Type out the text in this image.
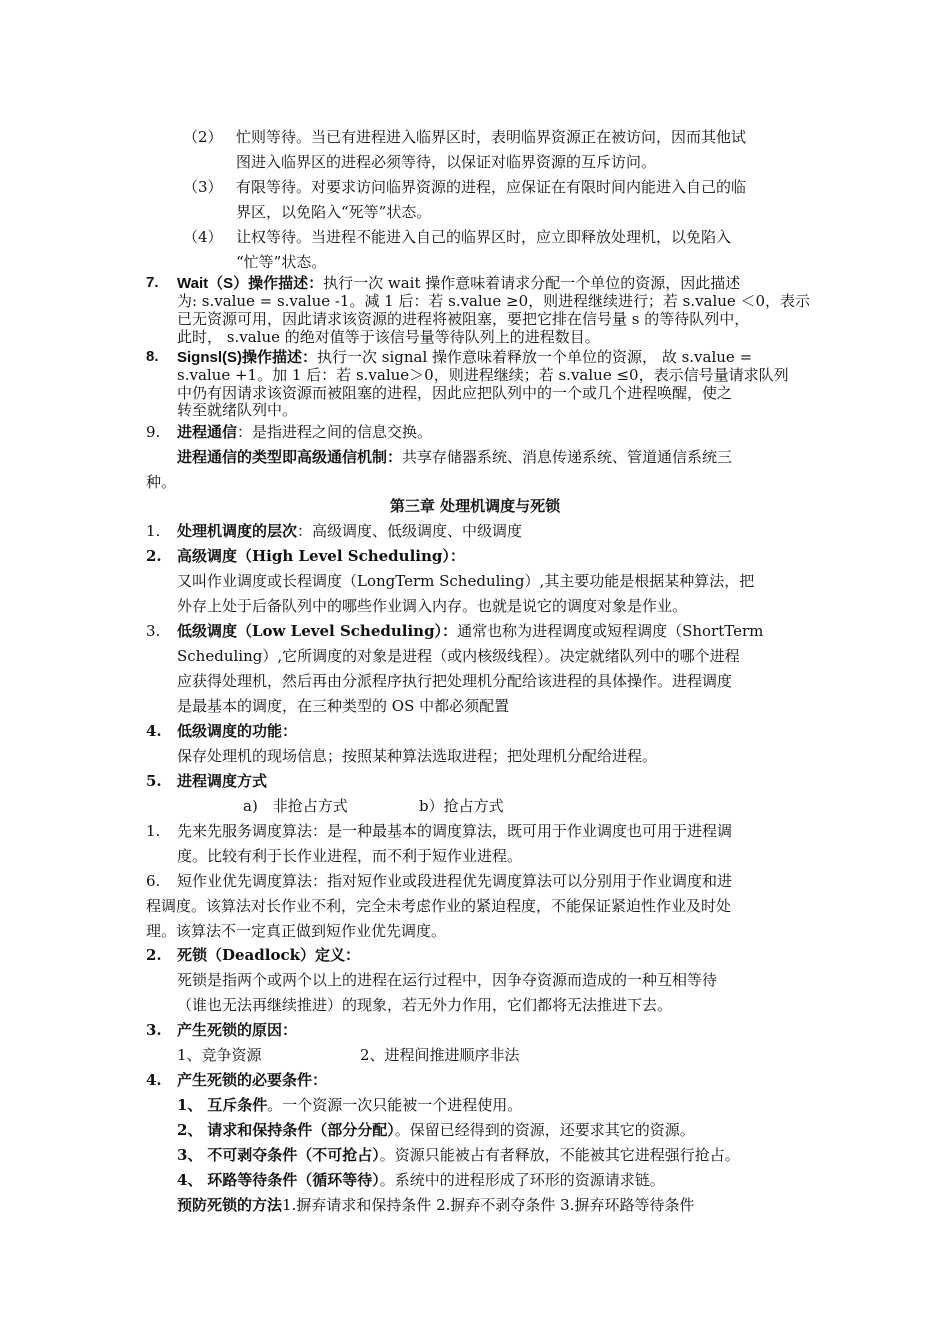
（2） 忙则等待。当已有进程进入临界区时，表明临界资源正在被访问，因而其他试
图进入临界区的进程必须等待，以保证对临界资源的互斥访问。
（3） 有限等待。对要求访问临界资源的进程，应保证在有限时间内能进入自己的临
界区，以免陷入“死等”状态。
（4） 让权等待。当进程不能进入自己的临界区时，应立即释放处理机，以免陷入
“忙等”状态。
7. Wait（S）操作描述：执行一次 wait 操作意味着请求分配一个单位的资源，因此描述
为: s.value = s.value -1。减 1 后：若 s.value ≥0，则进程继续进行；若 s.value ＜0，表示
已无资源可用，因此请求该资源的进程将被阻塞，要把它排在信号量 s 的等待队列中，
此时， s.value 的绝对值等于该信号量等待队列上的进程数目。
8. Signsl(S)操作描述：执行一次 signal 操作意味着释放一个单位的资源， 故 s.value =
s.value +1。加 1 后：若 s.value＞0，则进程继续；若 s.value ≤0，表示信号量请求队列
中仍有因请求该资源而被阻塞的进程，因此应把队列中的一个或几个进程唤醒，使之
转至就绪队列中。
9. 进程通信：是指进程之间的信息交换。
进程通信的类型即高级通信机制：共享存储器系统、消息传递系统、管道通信系统三
种。
第三章 处理机调度与死锁
1. 处理机调度的层次：高级调度、低级调度、中级调度
2. 高级调度（High Level Scheduling）：
又叫作业调度或长程调度（LongTerm Scheduling）,其主要功能是根据某种算法，把
外存上处于后备队列中的哪些作业调入内存。也就是说它的调度对象是作业。
3. 低级调度（Low Level Scheduling）：通常也称为进程调度或短程调度（ShortTerm
Scheduling）,它所调度的对象是进程（或内核级线程）。决定就绪队列中的哪个进程
应获得处理机，然后再由分派程序执行把处理机分配给该进程的具体操作。进程调度
是最基本的调度，在三种类型的 OS 中都必须配置
4. 低级调度的功能：
保存处理机的现场信息；按照某种算法选取进程；把处理机分配给进程。
5. 进程调度方式
a)　非抢占方式	b）抢占方式
1. 先来先服务调度算法：是一种最基本的调度算法，既可用于作业调度也可用于进程调
度。比较有利于长作业进程，而不利于短作业进程。
6. 短作业优先调度算法：指对短作业或段进程优先调度算法可以分别用于作业调度和进
程调度。该算法对长作业不利，完全未考虑作业的紧迫程度，不能保证紧迫性作业及时处
理。该算法不一定真正做到短作业优先调度。
2. 死锁（Deadlock）定义：
死锁是指两个或两个以上的进程在运行过程中，因争夺资源而造成的一种互相等待
（谁也无法再继续推进）的现象，若无外力作用，它们都将无法推进下去。
3. 产生死锁的原因：
1、竞争资源	2、进程间推进顺序非法
4. 产生死锁的必要条件：
1、 互斥条件。一个资源一次只能被一个进程使用。
2、 请求和保持条件（部分分配）。保留已经得到的资源，还要求其它的资源。
3、 不可剥夺条件（不可抢占）。资源只能被占有者释放，不能被其它进程强行抢占。
4、 环路等待条件（循环等待）。系统中的进程形成了环形的资源请求链。
预防死锁的方法1.摒弃请求和保持条件 2.摒弃不剥夺条件 3.摒弃环路等待条件
